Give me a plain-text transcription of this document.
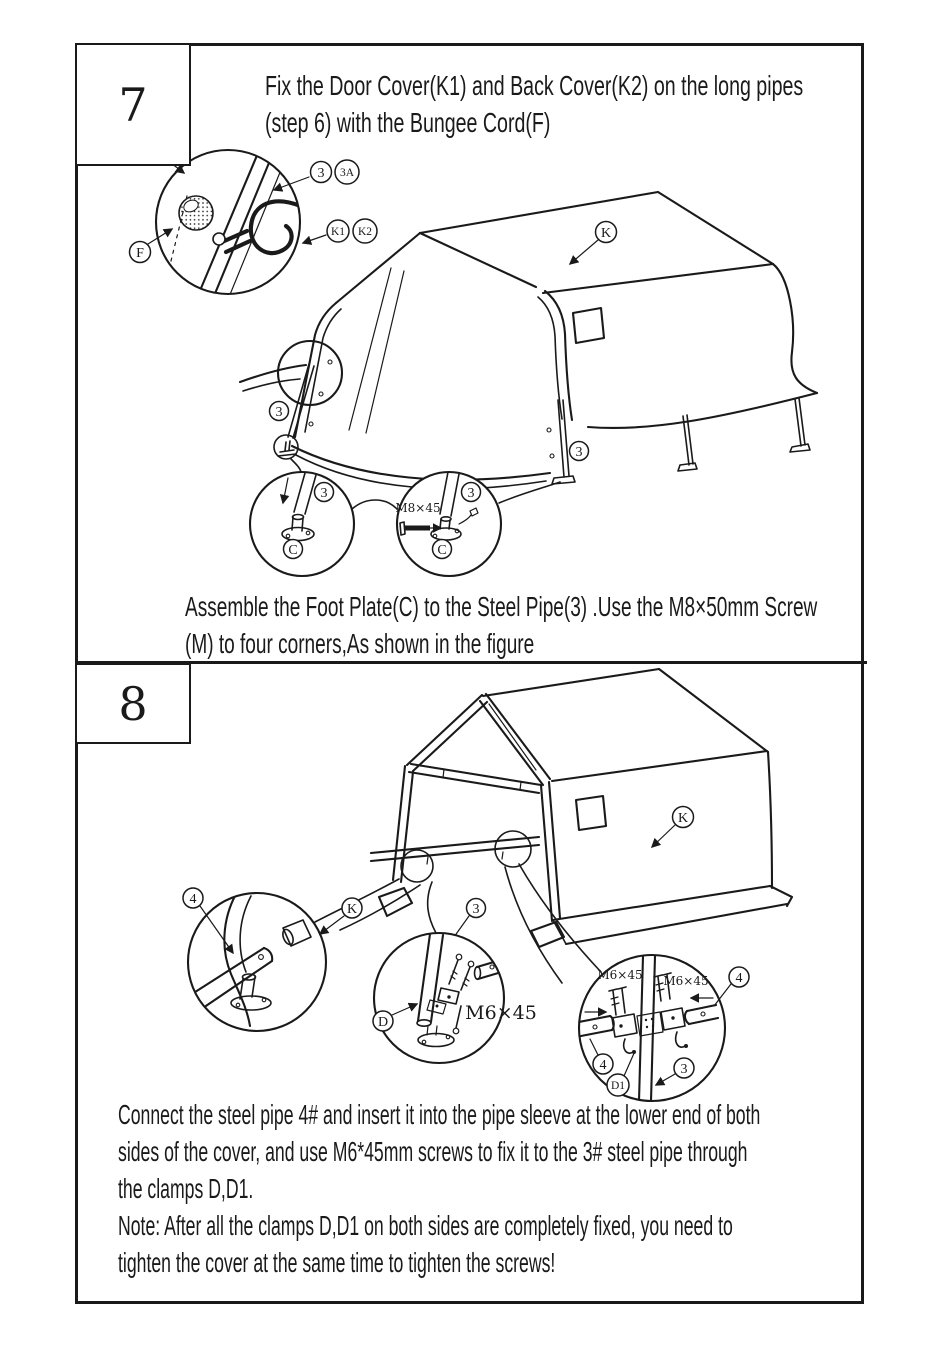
3 3A
K1 K2
F
K
3
3
3
C
M8×45
3
C
K
3
4
K
D	M6×45
M6×45 M6×45 4
4
D1
3
7	Fix the Door Cover(K1) and Back Cover(K2) on the long pipes
(step 6) with the Bungee Cord(F)
Assemble the Foot Plate(C) to the Steel Pipe(3) .Use the M8×50mm Screw
(M) to four corners,As shown in the figure
8
Connect the steel pipe 4# and insert it into the pipe sleeve at the lower end of both
sides of the cover, and use M6*45mm screws to fix it to the 3# steel pipe through
the clamps D,D1.
Note: After all the clamps D,D1 on both sides are completely fixed, you need to
tighten the cover at the same time to tighten the screws!
